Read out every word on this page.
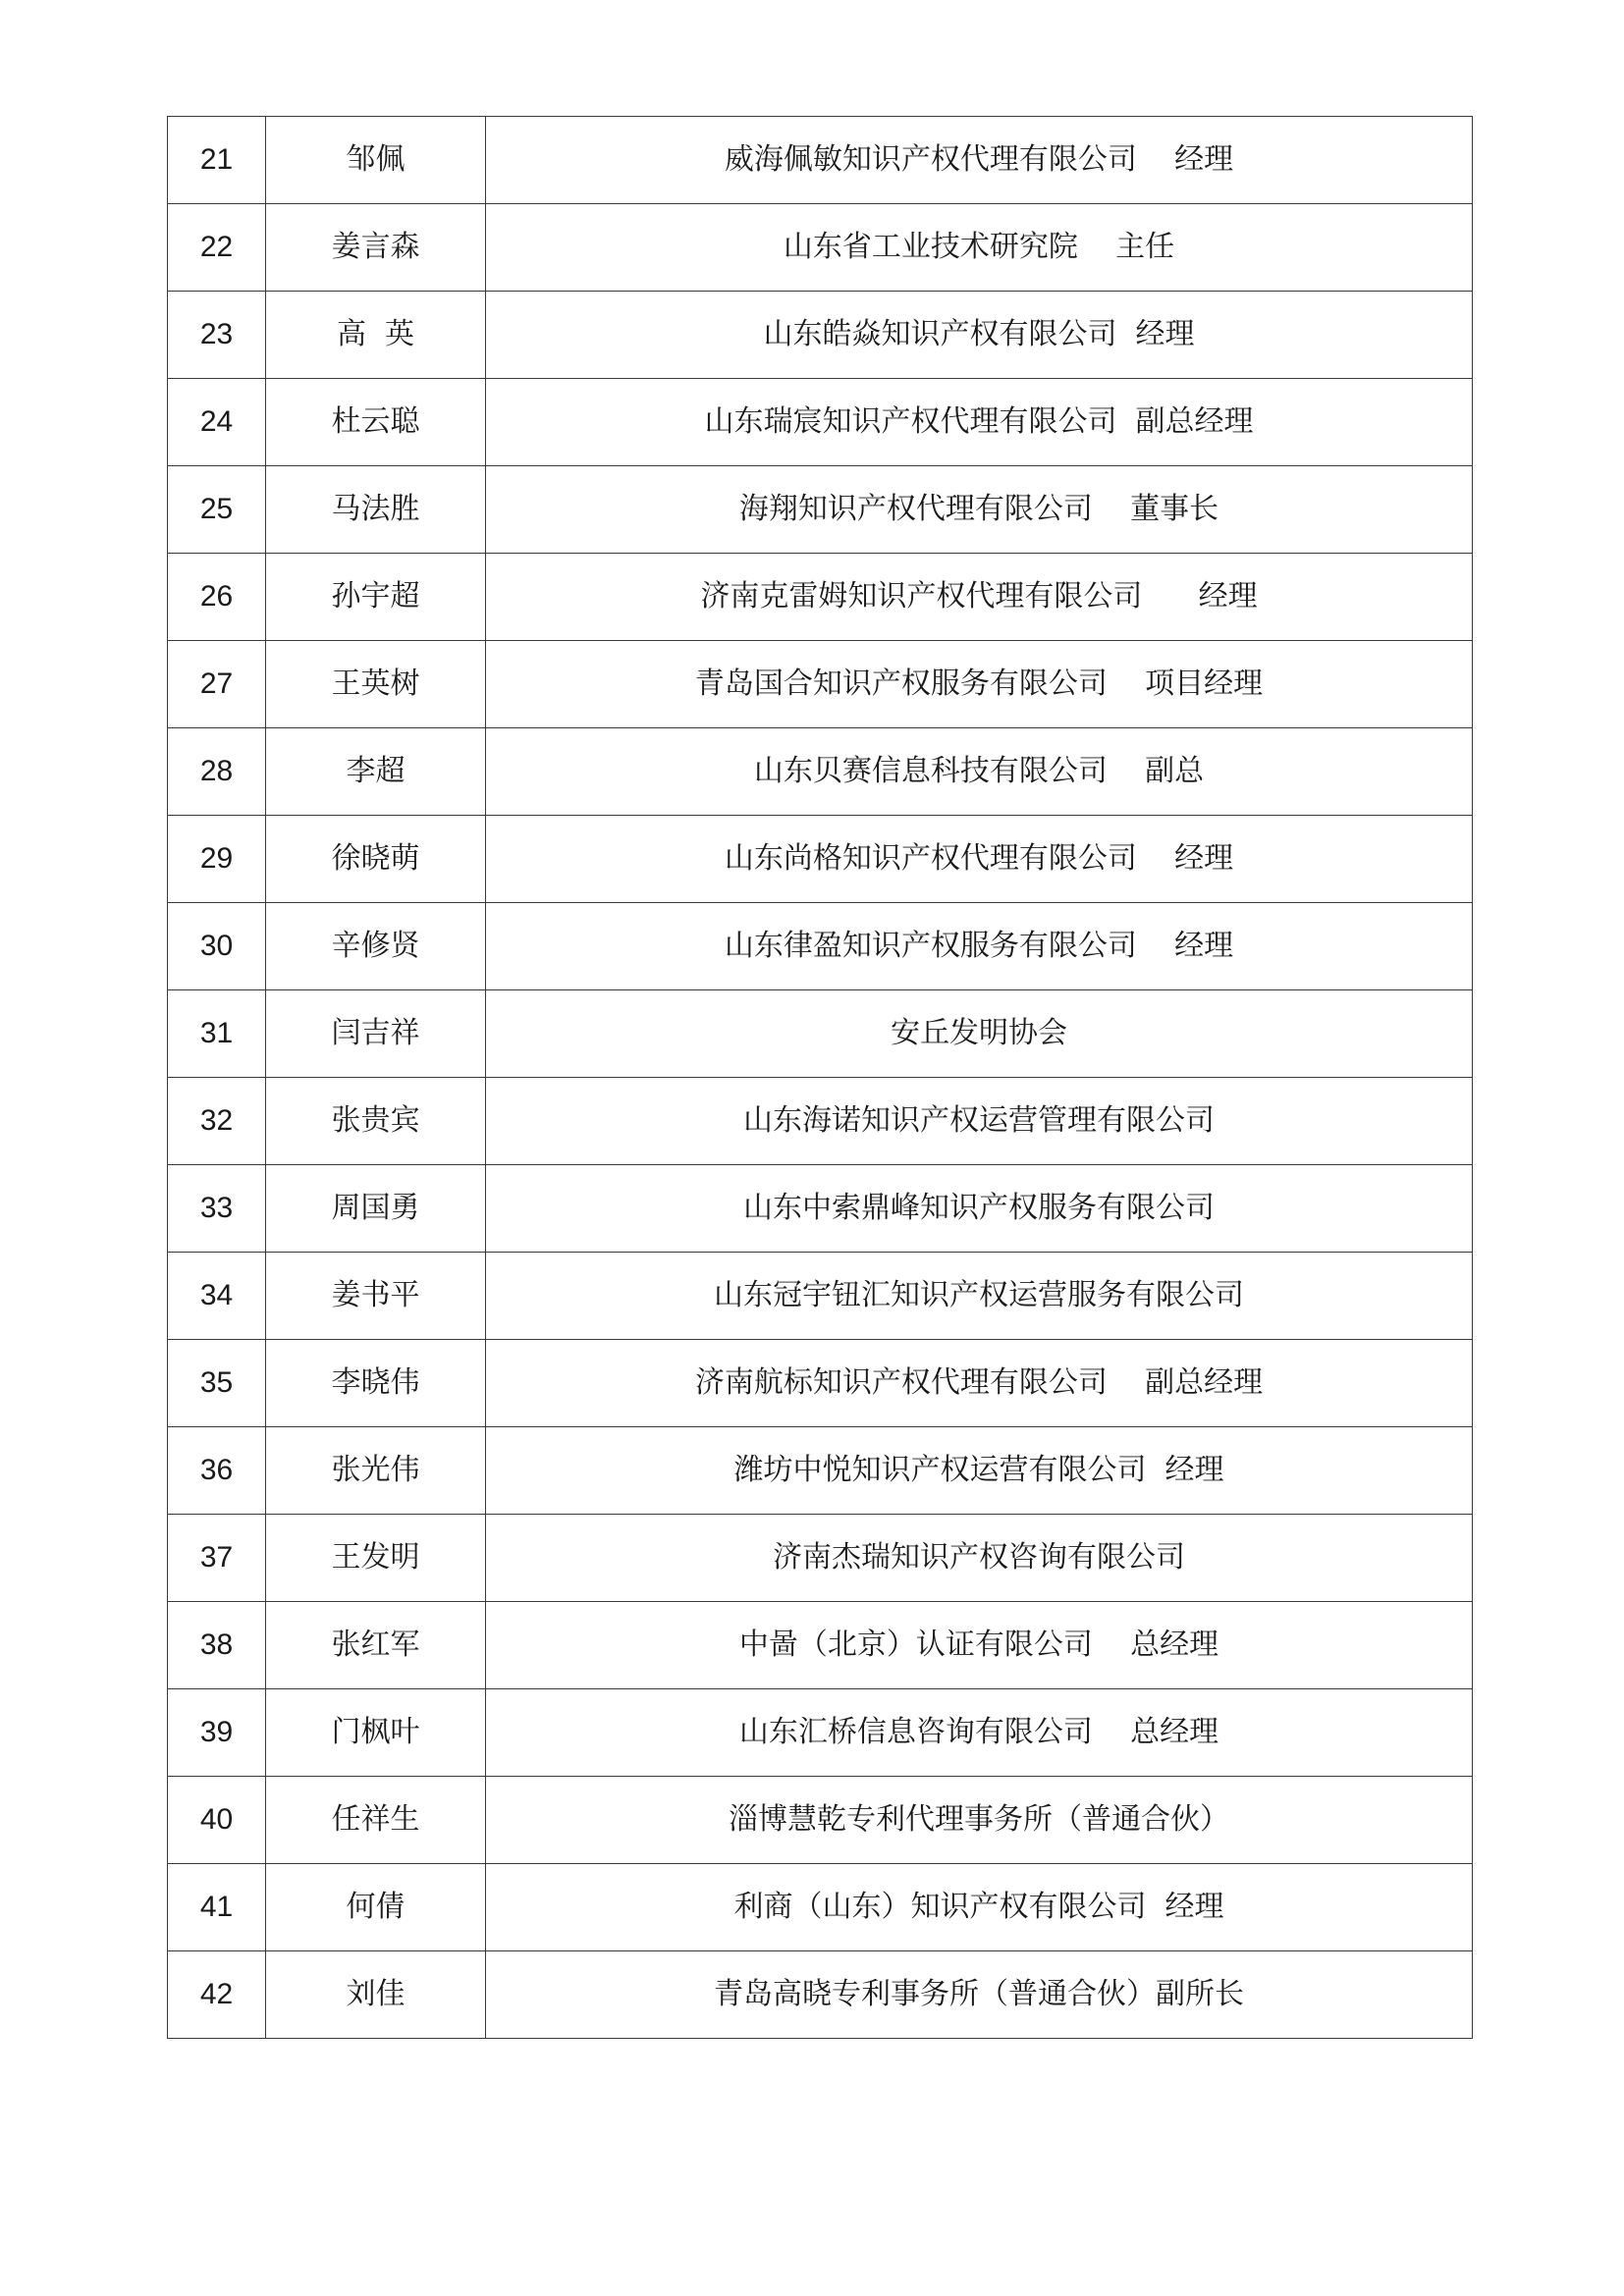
21	邹佩	威海佩敏知识产权代理有限公司    经理
22	姜言森	山东省工业技术研究院    主任
23	高  英	山东皓焱知识产权有限公司  经理
24	杜云聪	山东瑞宸知识产权代理有限公司  副总经理
25	马法胜	海翔知识产权代理有限公司    董事长
26	孙宇超	济南克雷姆知识产权代理有限公司      经理
27	王英树	青岛国合知识产权服务有限公司    项目经理
28	李超	山东贝赛信息科技有限公司    副总
29	徐晓萌	山东尚格知识产权代理有限公司    经理
30	辛修贤	山东律盈知识产权服务有限公司    经理
31	闫吉祥	安丘发明协会
32	张贵宾	山东海诺知识产权运营管理有限公司
33	周国勇	山东中索鼎峰知识产权服务有限公司
34	姜书平	山东冠宇钮汇知识产权运营服务有限公司
35	李晓伟	济南航标知识产权代理有限公司    副总经理
36	张光伟	潍坊中悦知识产权运营有限公司  经理
37	王发明	济南杰瑞知识产权咨询有限公司
38	张红军	中啚（北京）认证有限公司    总经理
39	门枫叶	山东汇桥信息咨询有限公司    总经理
40	任祥生	淄博慧乾专利代理事务所（普通合伙）
41	何倩	利商（山东）知识产权有限公司  经理
42	刘佳	青岛高晓专利事务所（普通合伙）副所长
